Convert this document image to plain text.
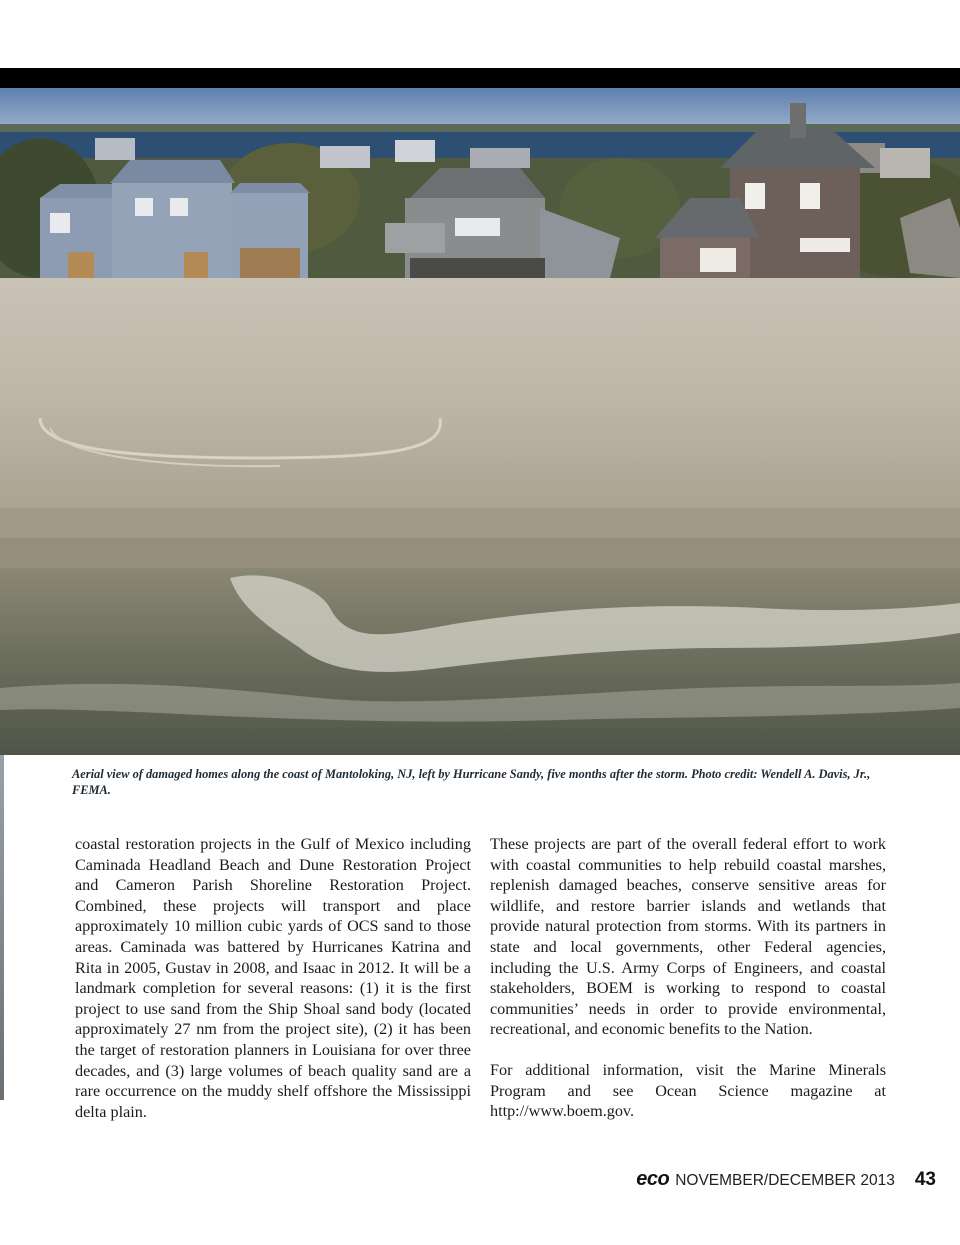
Aerial view of damaged homes along the coast of Mantoloking, NJ, left by Hurricane Sandy, five months after the storm. Photo credit: Wendell A. Davis, Jr., FEMA.

coastal restoration projects in the Gulf of Mexico including Caminada Headland Beach and Dune Restoration Project and Cameron Parish Shoreline Restoration Project. Combined, these projects will transport and place approximately 10 million cubic yards of OCS sand to those areas. Caminada was battered by Hurricanes Katrina and Rita in 2005, Gustav in 2008, and Isaac in 2012. It will be a landmark completion for several reasons: (1) it is the first project to use sand from the Ship Shoal sand body (located approximately 27 nm from the project site), (2) it has been the target of restoration planners in Louisiana for over three decades, and (3) large volumes of beach quality sand are a rare occurrence on the muddy shelf offshore the Mississippi delta plain.

These projects are part of the overall federal effort to work with coastal communities to help rebuild coastal marshes, replenish damaged beaches, conserve sensitive areas for wildlife, and restore barrier islands and wetlands that provide natural protection from storms. With its partners in state and local governments, other Federal agencies, including the U.S. Army Corps of Engineers, and coastal stakeholders, BOEM is working to respond to coastal communities’ needs in order to provide environmental, recreational, and economic benefits to the Nation.

For additional information, visit the Marine Minerals Program and see Ocean Science magazine at http://www.boem.gov.

eco NOVEMBER/DECEMBER 2013 43
